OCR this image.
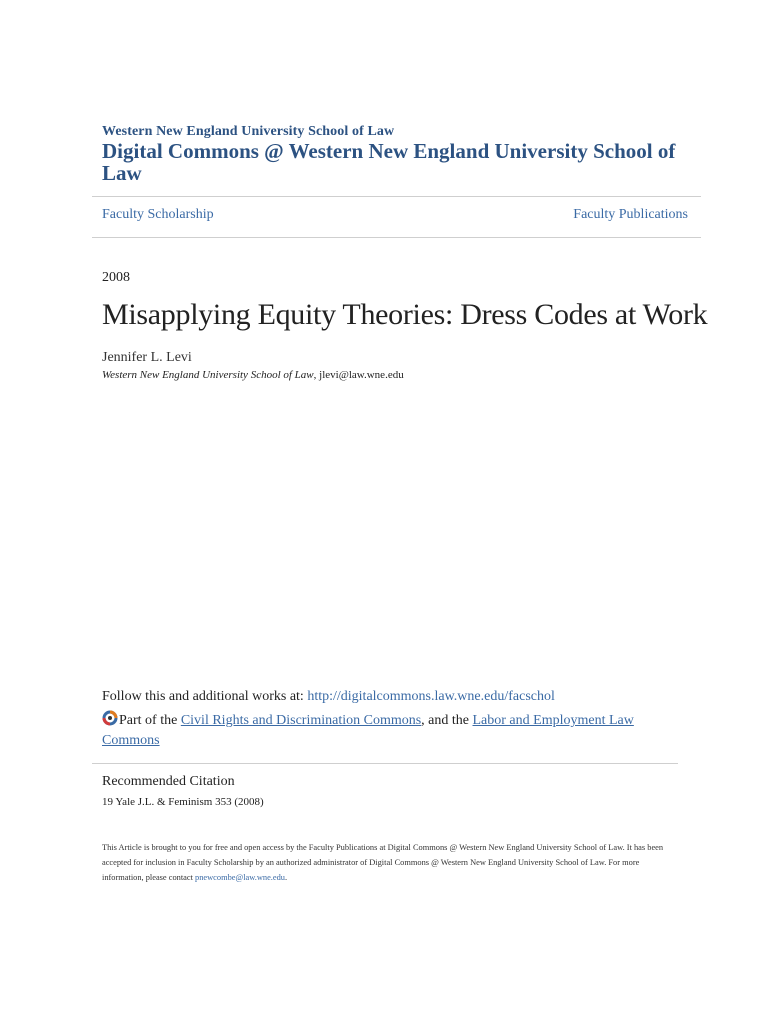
Western New England University School of Law
Digital Commons @ Western New England University School of Law
Faculty Scholarship	Faculty Publications
2008
Misapplying Equity Theories: Dress Codes at Work
Jennifer L. Levi
Western New England University School of Law, jlevi@law.wne.edu
Follow this and additional works at: http://digitalcommons.law.wne.edu/facschol
Part of the Civil Rights and Discrimination Commons, and the Labor and Employment Law Commons
Recommended Citation
19 Yale J.L. & Feminism 353 (2008)
This Article is brought to you for free and open access by the Faculty Publications at Digital Commons @ Western New England University School of Law. It has been accepted for inclusion in Faculty Scholarship by an authorized administrator of Digital Commons @ Western New England University School of Law. For more information, please contact pnewcombe@law.wne.edu.
